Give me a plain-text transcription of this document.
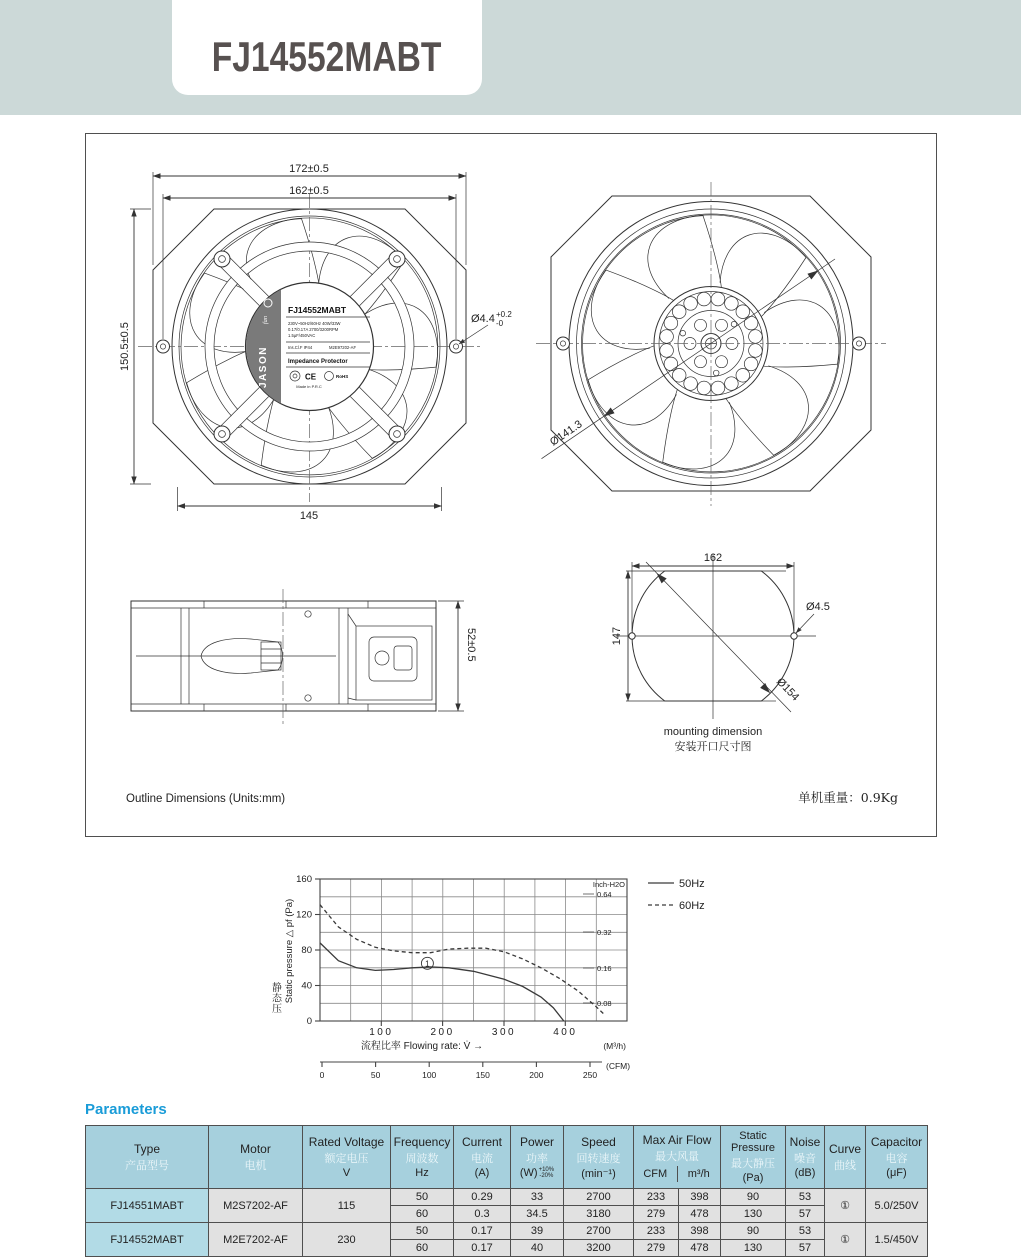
FJ14552MABT
fan
JASON
FJ14552MABT
230V~50Hz/60Hz 40W/33W
0.17/0.17A 2700/3200RPM
1.5μF/450VAC
Ins.Cl.F IP44	M2E97202-AF
Impedance Protector
CE	RoHS
Made in P.R.C
172±0.5
162±0.5
150.5±0.5
145
Ø4.4 +0.2
-0
Ø141.3
52±0.5
162
147
Ø4.5
Ø154
mounting dimension
安装开口尺寸图
Outline Dimensions (Units:mm)	单机重量：0.9Kg
0
40
80
120
160	Inch-H2O
0.64
0.32
0.16
0.08
100	200	300	400
流程比率 Flowing rate: V̇ →	(M³/h)
0	50	100	150	200	250
(CFM)
静态压
Static pressure △ pf (Pa)
50Hz
60Hz
1
Parameters
Type
产品型号

Motor
电机

Rated Voltage
额定电压
V

Frequency
周波数
Hz

Current
电流
(A)

Power
功率
(W) +10%
-20%

Speed
回转速度
(min⁻¹)

Max Air Flow
最大风量
CFM	m³/h

Static Pressure
最大静压
(Pa)

Noise
噪音
(dB)

Curve
曲线

Capacitor
电容
(μF)

FJ14551MABT	M2S7202-AF	115	50	0.29	33	2700	233	398	90	53	①	5.0/250V
			60	0.3	34.5	3180	279	478	130	57		
FJ14552MABT	M2E7202-AF	230	50	0.17	39	2700	233	398	90	53	①	1.5/450V
			60	0.17	40	3200	279	478	130	57		
